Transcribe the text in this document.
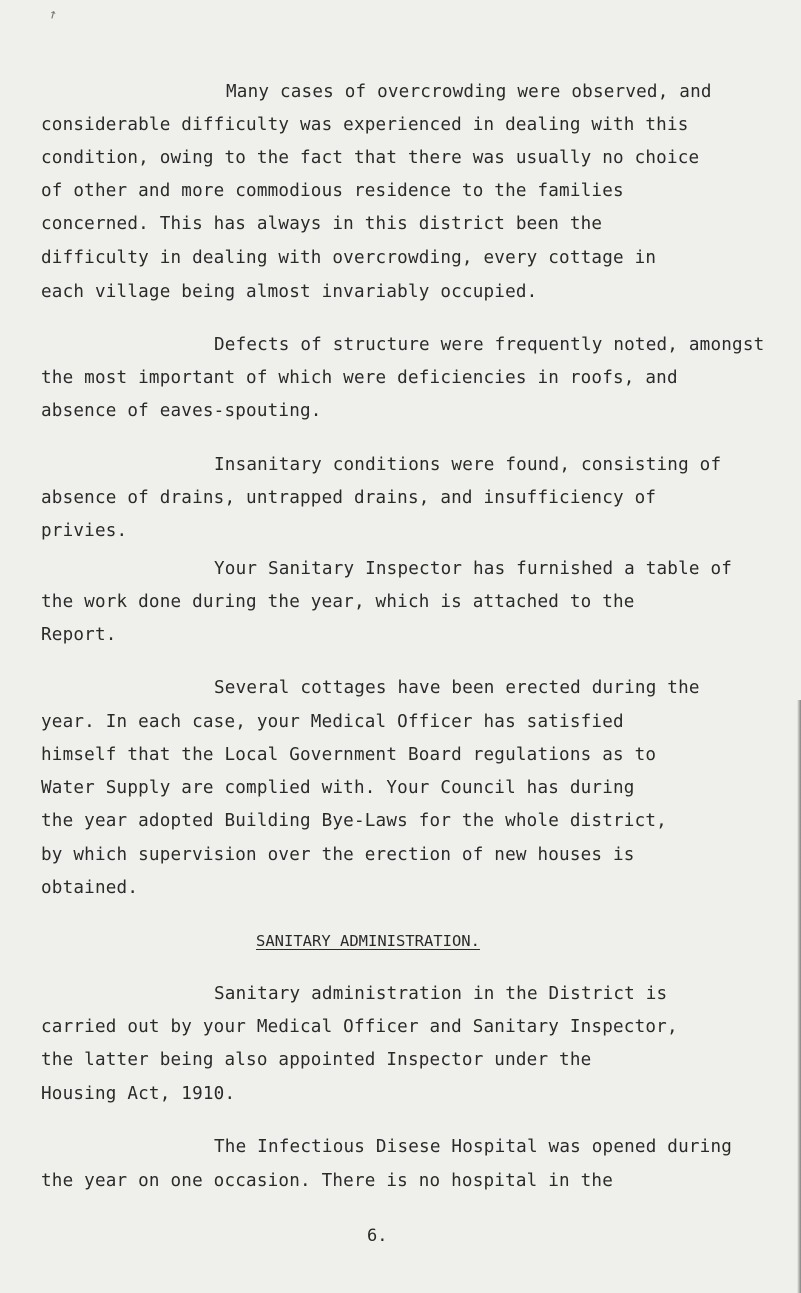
↗
Many cases of overcrowding were observed, and
considerable difficulty was experienced in dealing with this
condition, owing to the fact that there was usually no choice
of other and more commodious residence to the families
concerned. This has always in this district been the
difficulty in dealing with overcrowding, every cottage in
each village being almost invariably occupied.
Defects of structure were frequently noted, amongst
the most important of which were deficiencies in roofs, and
absence of eaves-spouting.
Insanitary conditions were found, consisting of
absence of drains, untrapped drains, and insufficiency of
privies.
Your Sanitary Inspector has furnished a table of
the work done during the year, which is attached to the
Report.
Several cottages have been erected during the
year. In each case, your Medical Officer has satisfied
himself that the Local Government Board regulations as to
Water Supply are complied with. Your Council has during
the year adopted Building Bye-Laws for the whole district,
by which supervision over the erection of new houses is
obtained.
SANITARY ADMINISTRATION.
Sanitary administration in the District is
carried out by your Medical Officer and Sanitary Inspector,
the latter being also appointed Inspector under the
Housing Act, 1910.
The Infectious Disese Hospital was opened during
the year on one occasion. There is no hospital in the
6.
